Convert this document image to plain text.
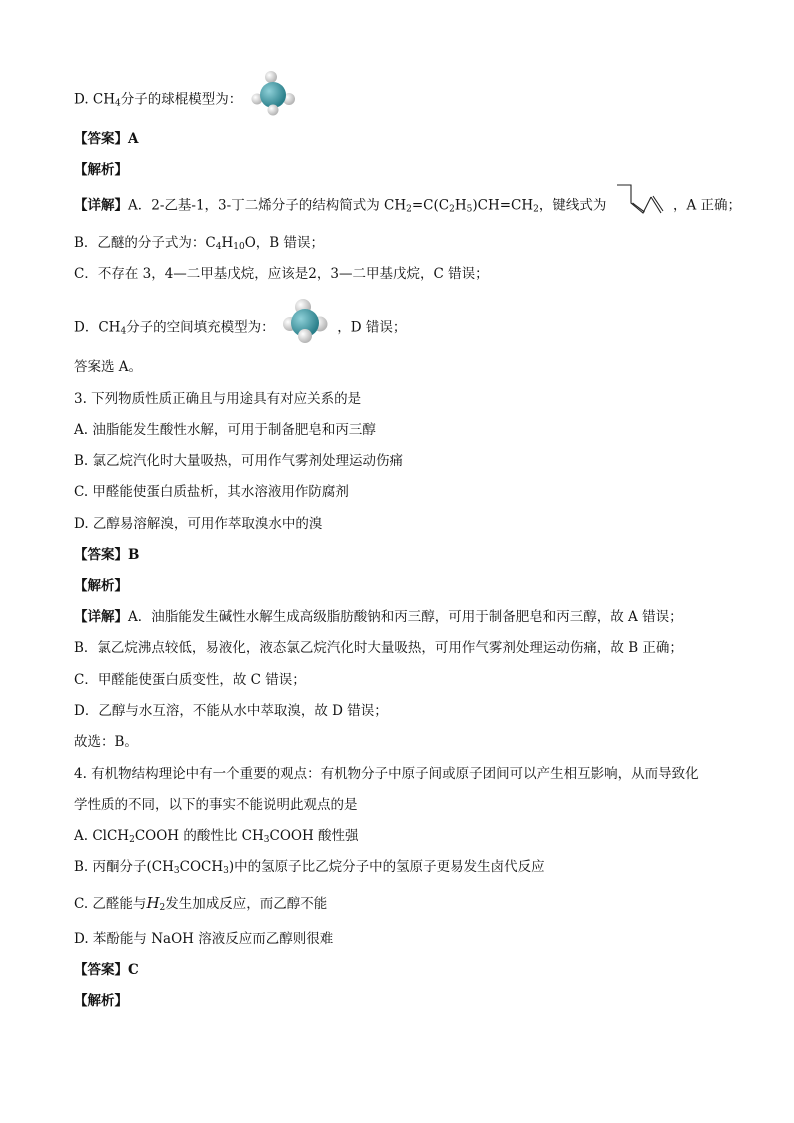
D. $CH_4$分子的球棍模型为：
【答案】A
【解析】
【详解】A．2-乙基-1，3-丁二烯分子的结构简式为 $CH_2=C(C_2H_5)CH=CH_2$，键线式为	，A 正确；
B．乙醚的分子式为：$C_4H_{10}O$，B 错误；
C．不存在 3，4—二甲基戊烷，应该是2，3—二甲基戊烷，C 错误；
D．$CH_4$分子的空间填充模型为：	，D 错误；
答案选 A。
3. 下列物质性质正确且与用途具有对应关系的是
A. 油脂能发生酸性水解，可用于制备肥皂和丙三醇
B. 氯乙烷汽化时大量吸热，可用作气雾剂处理运动伤痛
C. 甲醛能使蛋白质盐析，其水溶液用作防腐剂
D. 乙醇易溶解溴，可用作萃取溴水中的溴
【答案】B
【解析】
【详解】A．油脂能发生碱性水解生成高级脂肪酸钠和丙三醇，可用于制备肥皂和丙三醇，故 A 错误；
B．氯乙烷沸点较低，易液化，液态氯乙烷汽化时大量吸热，可用作气雾剂处理运动伤痛，故 B 正确；
C．甲醛能使蛋白质变性，故 C 错误；
D．乙醇与水互溶，不能从水中萃取溴，故 D 错误；
故选：B。
4. 有机物结构理论中有一个重要的观点：有机物分子中原子间或原子团间可以产生相互影响，从而导致化
学性质的不同，以下的事实不能说明此观点的是
A. ClCH$_2$COOH 的酸性比 $CH_3COOH$ 酸性强
B. 丙酮分子$(CH_3COCH_3)$中的氢原子比乙烷分子中的氢原子更易发生卤代反应
C. 乙醛能与$H_2$发生加成反应，而乙醇不能
D. 苯酚能与 NaOH 溶液反应而乙醇则很难
【答案】C
【解析】
